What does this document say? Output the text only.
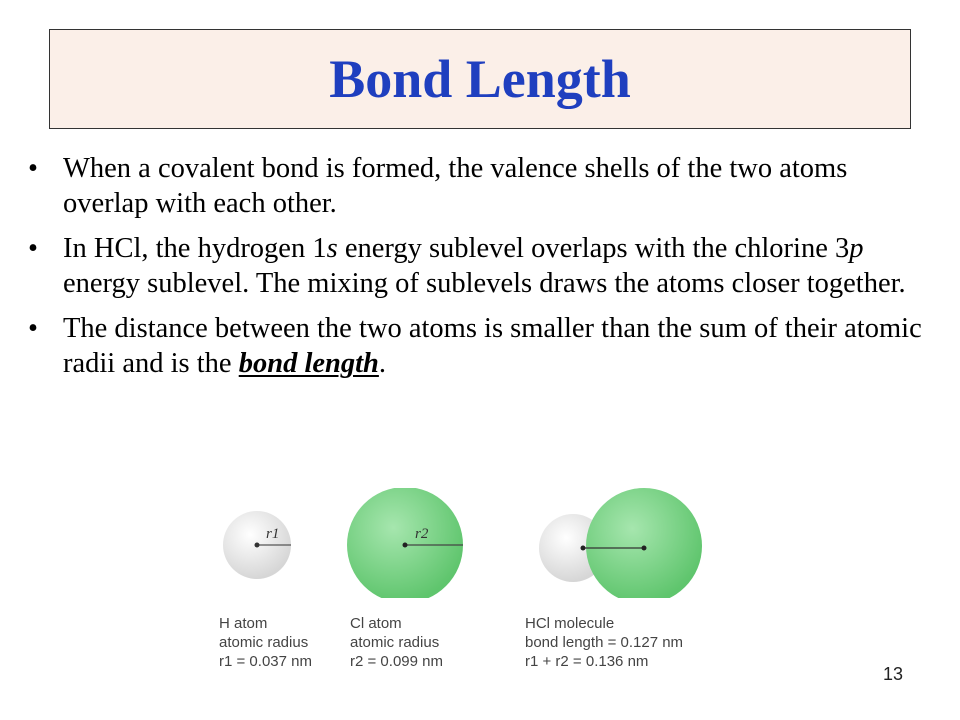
Bond Length
• When a covalent bond is formed, the valence shells of the two atoms overlap with each other.
• In HCl, the hydrogen 1s energy sublevel overlaps with the chlorine 3p energy sublevel. The mixing of sublevels draws the atoms closer together.
• The distance between the two atoms is smaller than the sum of their atomic radii and is the bond length.
r1	r2
H atom
atomic radius
r1 = 0.037 nm
Cl atom
atomic radius
r2 = 0.099 nm
HCl molecule
bond length = 0.127 nm
r1 + r2 = 0.136 nm
13
